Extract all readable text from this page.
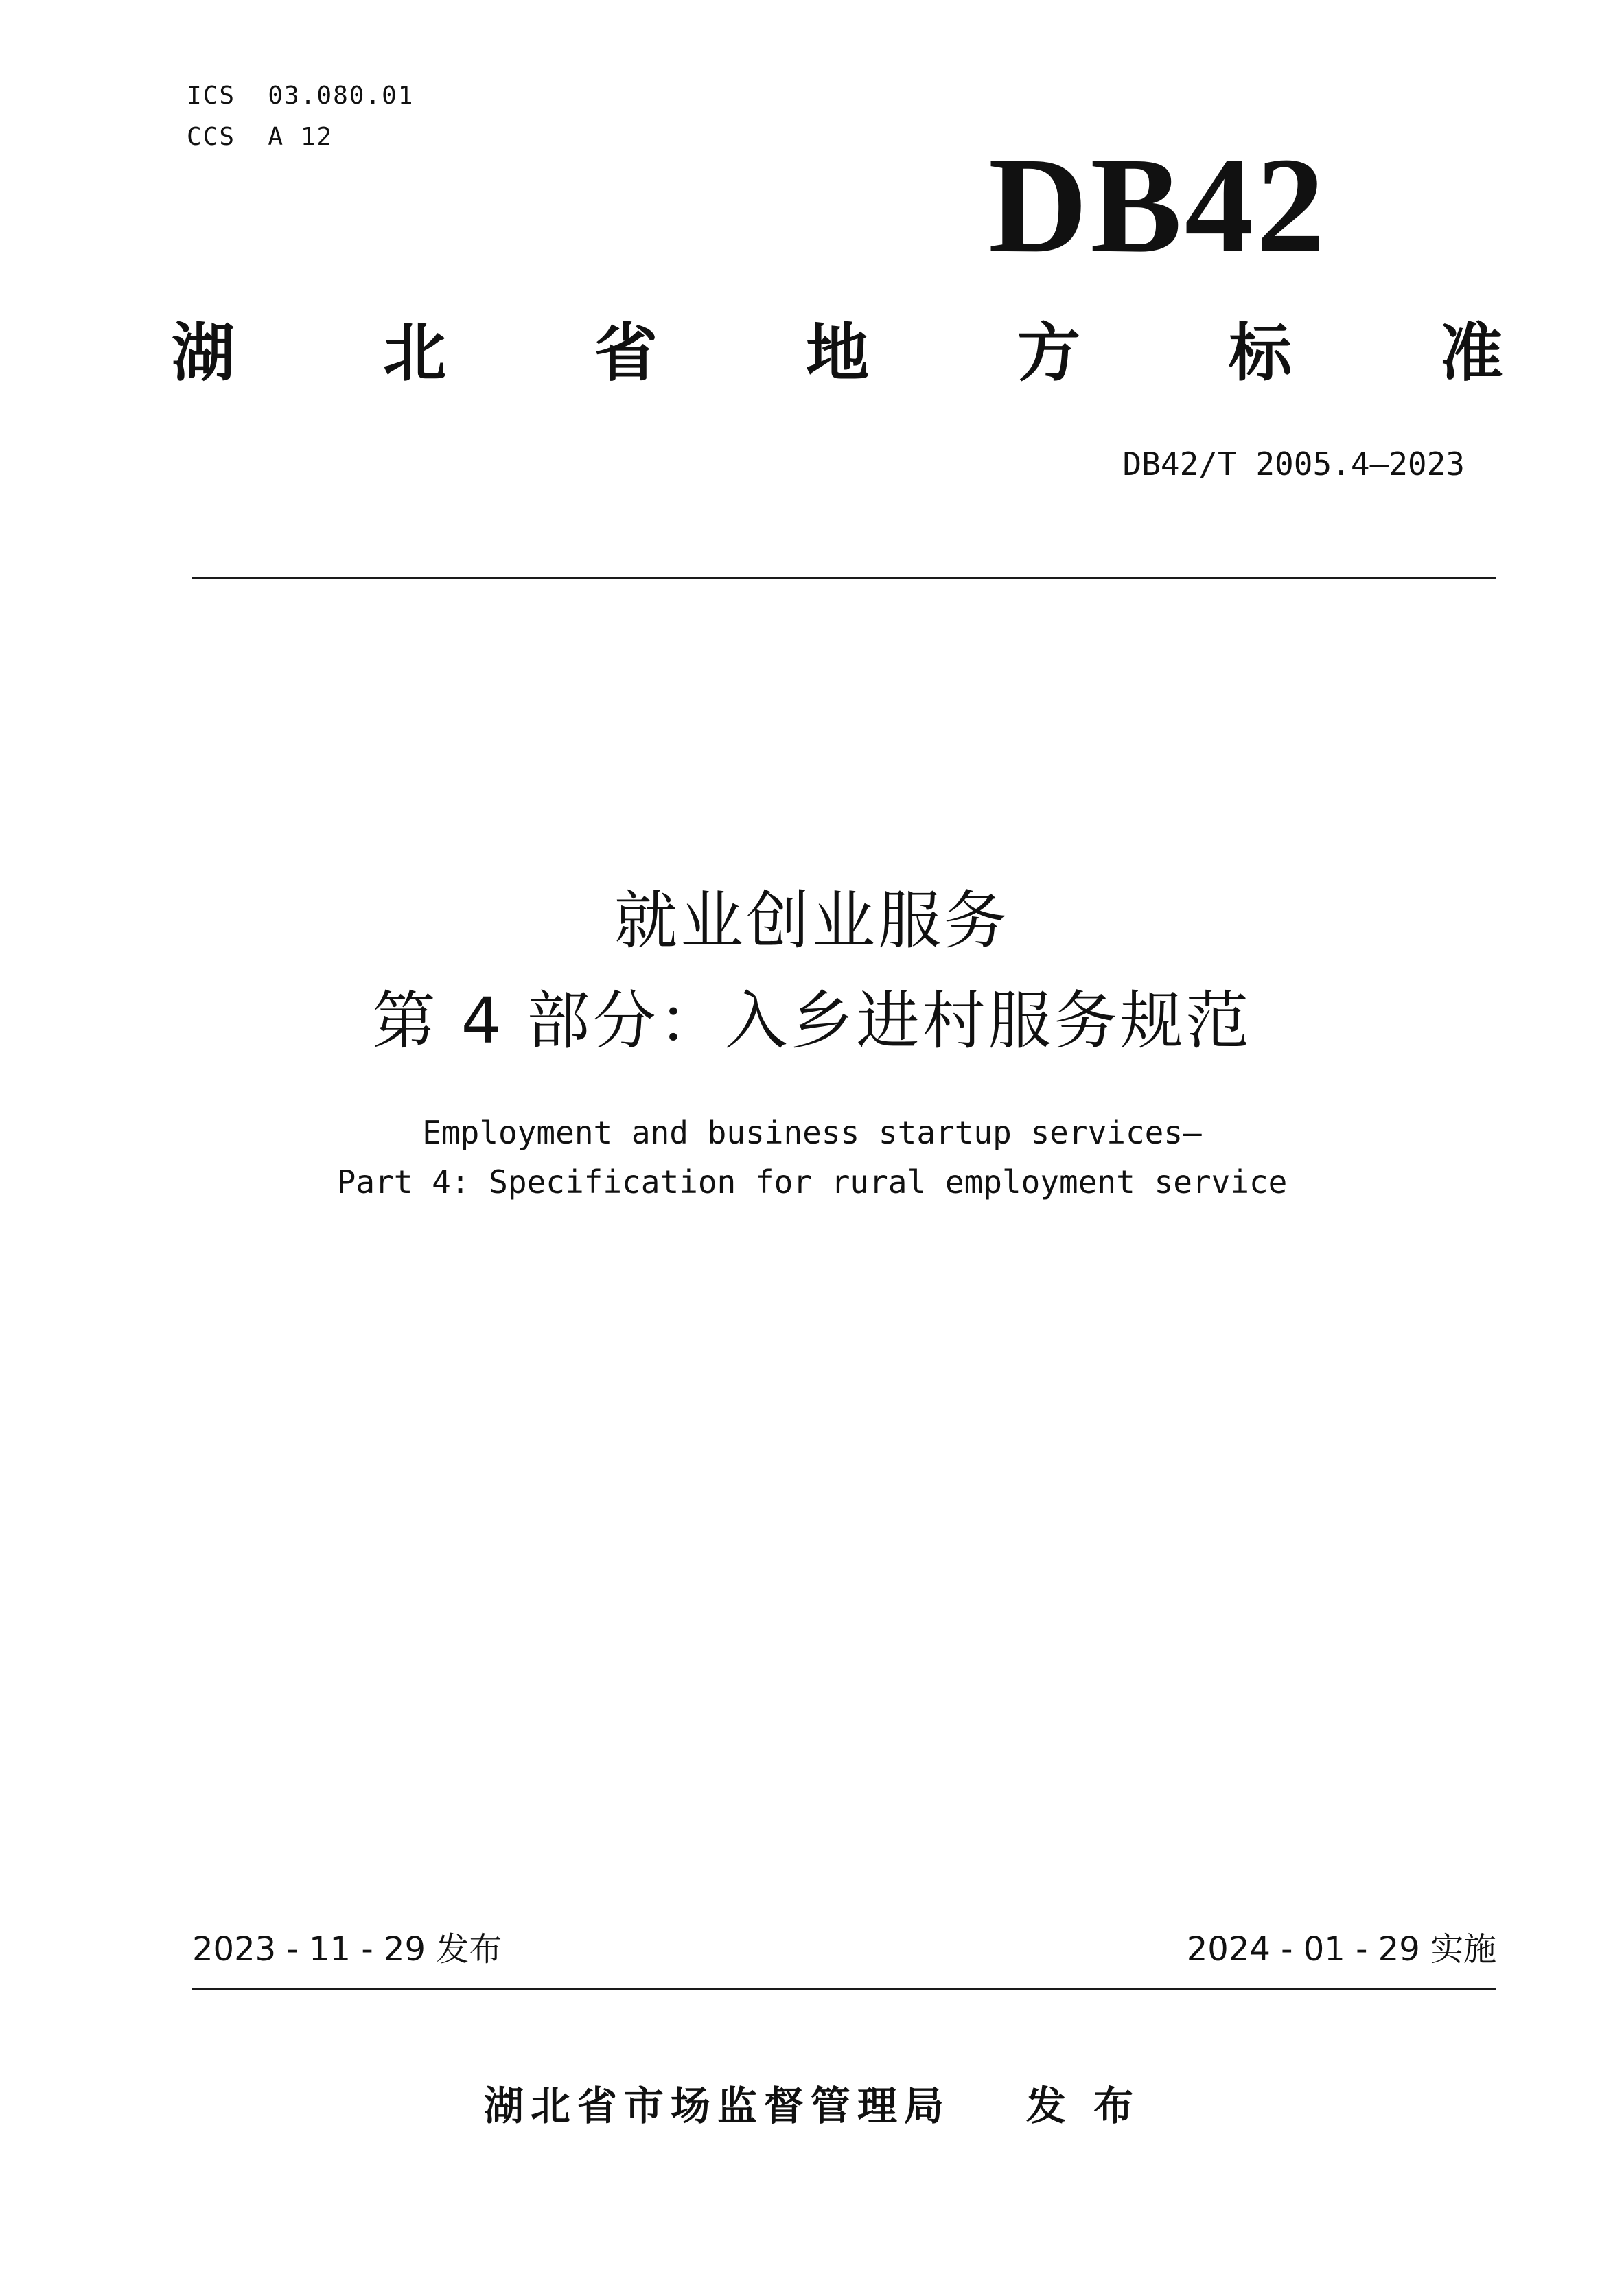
ICS  03.080.01
CCS  A 12	DB42
湖 北 省 地 方 标 准
DB42/T 2005.4—2023
就业创业服务
第 4 部分：入乡进村服务规范
Employment and business startup services—
Part 4: Specification for rural employment service
2023 - 11 - 29 发布	2024 - 01 - 29 实施
湖北省市场监督管理局 发 布
